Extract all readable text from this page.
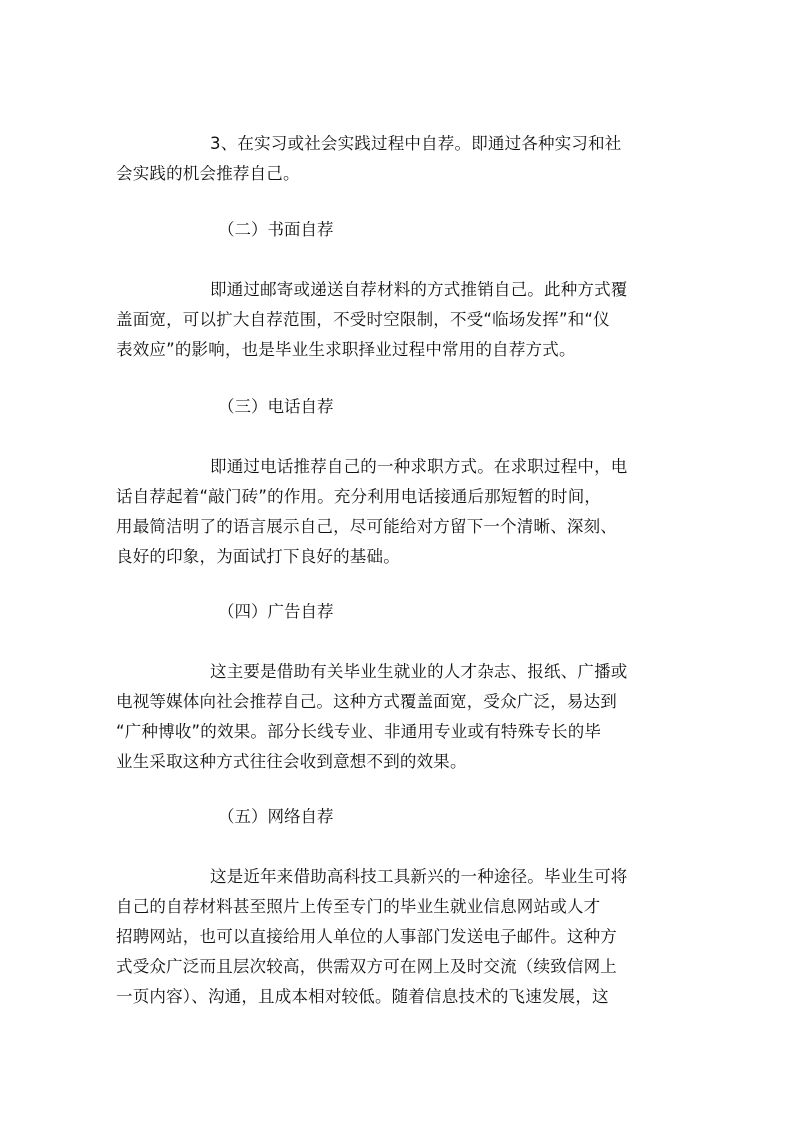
3、在实习或社会实践过程中自荐。即通过各种实习和社
会实践的机会推荐自己。
（二）书面自荐
即通过邮寄或递送自荐材料的方式推销自己。此种方式覆
盖面宽，可以扩大自荐范围，不受时空限制，不受“临场发挥”和“仪
表效应”的影响，也是毕业生求职择业过程中常用的自荐方式。
（三）电话自荐
即通过电话推荐自己的一种求职方式。在求职过程中，电
话自荐起着“敲门砖”的作用。充分利用电话接通后那短暂的时间，
用最简洁明了的语言展示自己，尽可能给对方留下一个清晰、深刻、
良好的印象，为面试打下良好的基础。
（四）广告自荐
这主要是借助有关毕业生就业的人才杂志、报纸、广播或
电视等媒体向社会推荐自己。这种方式覆盖面宽，受众广泛，易达到
“广种博收”的效果。部分长线专业、非通用专业或有特殊专长的毕
业生采取这种方式往往会收到意想不到的效果。
（五）网络自荐
这是近年来借助高科技工具新兴的一种途径。毕业生可将
自己的自荐材料甚至照片上传至专门的毕业生就业信息网站或人才
招聘网站，也可以直接给用人单位的人事部门发送电子邮件。这种方
式受众广泛而且层次较高，供需双方可在网上及时交流（续致信网上
一页内容）、沟通，且成本相对较低。随着信息技术的飞速发展，这
